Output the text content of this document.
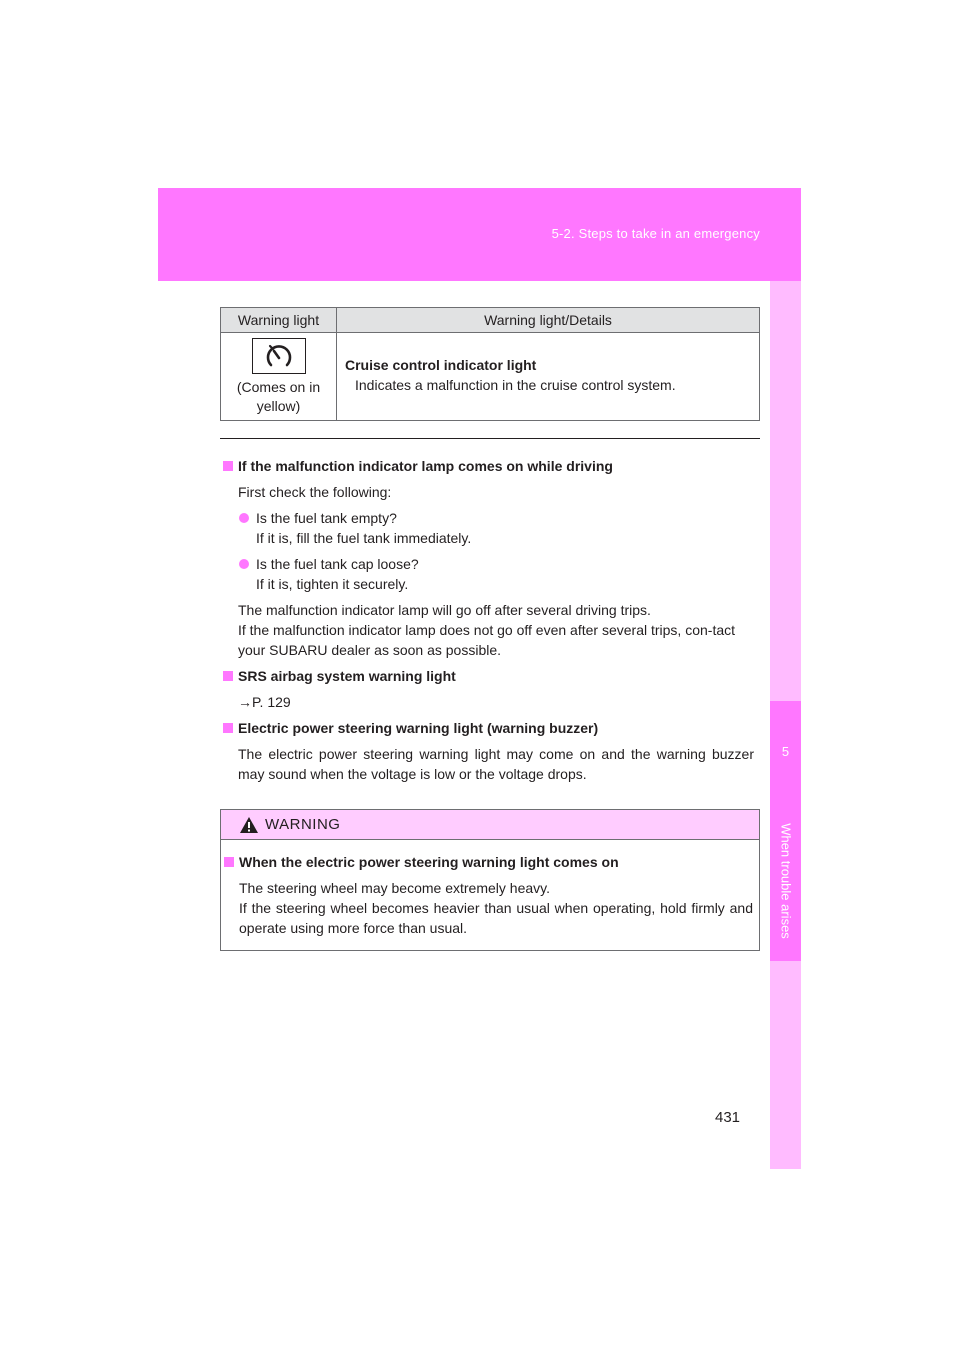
5-2. Steps to take in an emergency
5
When trouble arises
Warning light	Warning light/Details

(Comes on in yellow)	Cruise control indicator light
Indicates a malfunction in the cruise control system.
If the malfunction indicator lamp comes on while driving
First check the following:
Is the fuel tank empty?
If it is, fill the fuel tank immediately.
Is the fuel tank cap loose?
If it is, tighten it securely.
The malfunction indicator lamp will go off after several driving trips.
If the malfunction indicator lamp does not go off even after several trips, con-tact your SUBARU dealer as soon as possible.
SRS airbag system warning light
→P. 129
Electric power steering warning light (warning buzzer)
The electric power steering warning light may come on and the warning buzzer may sound when the voltage is low or the voltage drops.
WARNING
When the electric power steering warning light comes on
The steering wheel may become extremely heavy.
If the steering wheel becomes heavier than usual when operating, hold firmly and operate using more force than usual.
431
